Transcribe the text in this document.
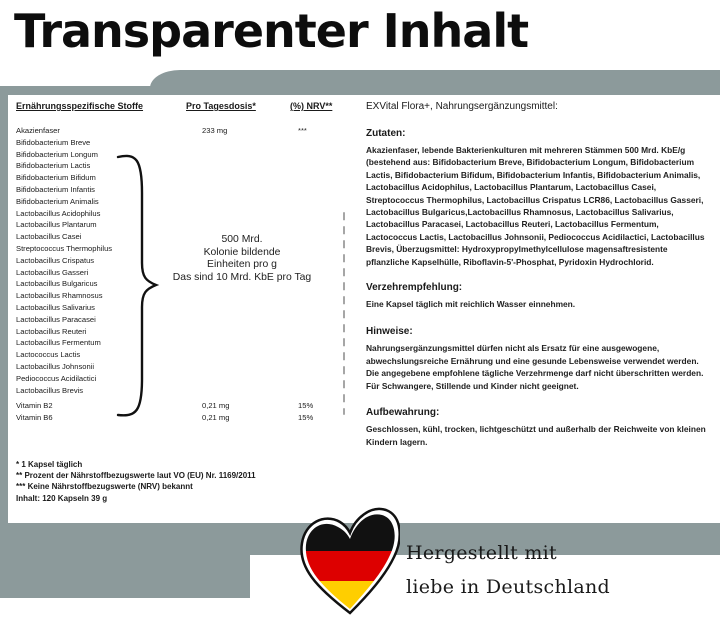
Transparenter Inhalt
Ernährungsspezifische Stoffe	Pro Tagesdosis*	(%) NRV**
Akazienfaser	233 mg	***
Bifidobacterium Breve
Bifidobacterium Longum
Bifidobacterium Lactis
Bifidobacterium Bifidum
Bifidobacterium Infantis
Bifidobacterium Animalis
Lactobacillus Acidophilus
Lactobacillus Plantarum
Lactobacillus Casei
Streptococcus Thermophilus
Lactobacillus Crispatus
Lactobacillus Gasseri
Lactobacillus Bulgaricus
Lactobacillus Rhamnosus
Lactobacillus Salivarius
Lactobacillus Paracasei
Lactobacillus Reuteri
Lactobacillus Fermentum
Lactococcus Lactis
Lactobacillus Johnsonii
Pediococcus Acidilactici
Lactobacillus Brevis
Vitamin B2	0,21 mg	15%
Vitamin B6	0,21 mg	15%
500 Mrd.
Kolonie bildende
Einheiten pro g
Das sind 10 Mrd. KbE pro Tag
* 1 Kapsel täglich
** Prozent der Nährstoffbezugswerte laut VO (EU) Nr. 1169/2011
*** Keine Nährstoffbezugswerte (NRV) bekannt
Inhalt: 120 Kapseln 39 g
EXVital Flora+, Nahrungsergänzungsmittel:
Zutaten:
Akazienfaser, lebende Bakterienkulturen mit mehreren Stämmen 500 Mrd. KbE/g (bestehend aus: Bifidobacterium Breve, Bifidobacterium Longum, Bifidobacterium Lactis, Bifidobacterium Bifidum, Bifidobacterium Infantis, Bifidobacterium Animalis, Lactobacillus Acidophilus, Lactobacillus Plantarum, Lactobacillus Casei, Streptococcus Thermophilus, Lactobacillus Crispatus LCR86, Lactobacillus Gasseri, Lactobacillus Bulgaricus,Lactobacillus Rhamnosus, Lactobacillus Salivarius, Lactobacillus Paracasei, Lactobacillus Reuteri, Lactobacillus Fermentum, Lactococcus Lactis, Lactobacillus Johnsonii, Pediococcus Acidilactici, Lactobacillus Brevis, Überzugsmittel: Hydroxypropylmethylcellulose magensaftresistente pflanzliche Kapselhülle, Riboflavin-5'-Phosphat, Pyridoxin Hydrochlorid.
Verzehrempfehlung:
Eine Kapsel täglich mit reichlich Wasser einnehmen.
Hinweise:
Nahrungsergänzungsmittel dürfen nicht als Ersatz für eine ausgewogene, abwechslungsreiche Ernährung und eine gesunde Lebensweise verwendet werden. Die angegebene empfohlene tägliche Verzehrmenge darf nicht überschritten werden. Für Schwangere, Stillende und Kinder nicht geeignet.
Aufbewahrung:
Geschlossen, kühl, trocken, lichtgeschützt und außerhalb der Reichweite von kleinen Kindern lagern.
Hergestellt mit
liebe in Deutschland
